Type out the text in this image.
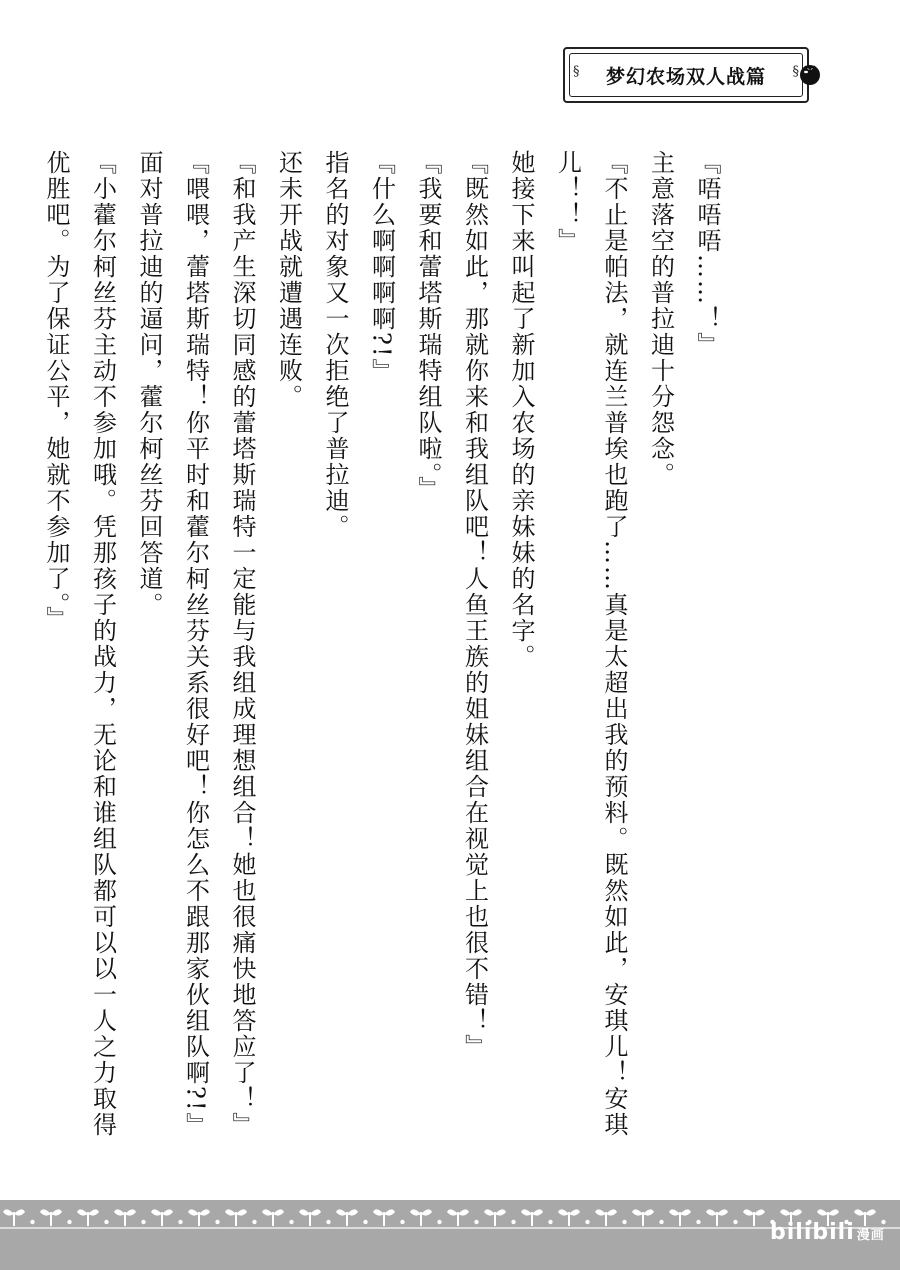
§	§
梦幻农场双人战篇

『唔唔唔……！』

主意落空的普拉迪十分怨念。

『不止是帕法，就连兰普埃也跑了……真是太超出我的预料。既然如此，安琪儿！安琪儿！！』

她接下来叫起了新加入农场的亲妹妹的名字。

『既然如此，那就你来和我组队吧！人鱼王族的姐妹组合在视觉上也很不错！』

『我要和蕾塔斯瑞特组队啦。』

『什么啊啊啊啊?!』

指名的对象又一次拒绝了普拉迪。

还未开战就遭遇连败。

『和我产生深切同感的蕾塔斯瑞特一定能与我组成理想组合！她也很痛快地答应了！』

『喂喂，蕾塔斯瑞特！你平时和藿尔柯丝芬关系很好吧！你怎么不跟那家伙组队啊?!』

面对普拉迪的逼问，藿尔柯丝芬回答道。

『小藿尔柯丝芬主动不参加哦。凭那孩子的战力，无论和谁组队都可以以一人之力取得优胜吧。为了保证公平，她就不参加了。』

bilibili 漫画
